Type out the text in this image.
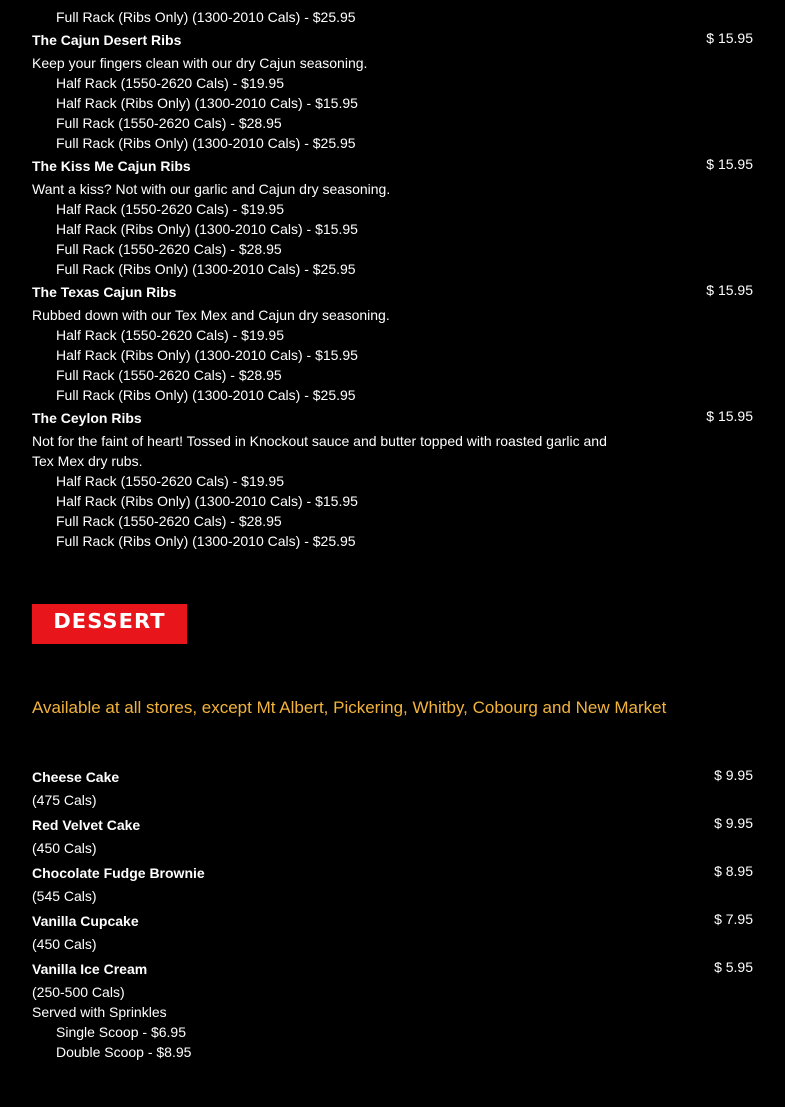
Full Rack (Ribs Only) (1300-2010 Cals) - $25.95
The Cajun Desert Ribs	$ 15.95
Keep your fingers clean with our dry Cajun seasoning.
Half Rack (1550-2620 Cals) - $19.95
Half Rack (Ribs Only) (1300-2010 Cals) - $15.95
Full Rack (1550-2620 Cals) - $28.95
Full Rack (Ribs Only) (1300-2010 Cals) - $25.95
The Kiss Me Cajun Ribs	$ 15.95
Want a kiss? Not with our garlic and Cajun dry seasoning.
Half Rack (1550-2620 Cals) - $19.95
Half Rack (Ribs Only) (1300-2010 Cals) - $15.95
Full Rack (1550-2620 Cals) - $28.95
Full Rack (Ribs Only) (1300-2010 Cals) - $25.95
The Texas Cajun Ribs	$ 15.95
Rubbed down with our Tex Mex and Cajun dry seasoning.
Half Rack (1550-2620 Cals) - $19.95
Half Rack (Ribs Only) (1300-2010 Cals) - $15.95
Full Rack (1550-2620 Cals) - $28.95
Full Rack (Ribs Only) (1300-2010 Cals) - $25.95
The Ceylon Ribs	$ 15.95
Not for the faint of heart! Tossed in Knockout sauce and butter topped with roasted garlic and Tex Mex dry rubs.
Half Rack (1550-2620 Cals) - $19.95
Half Rack (Ribs Only) (1300-2010 Cals) - $15.95
Full Rack (1550-2620 Cals) - $28.95
Full Rack (Ribs Only) (1300-2010 Cals) - $25.95
DESSERT
Available at all stores, except Mt Albert, Pickering, Whitby, Cobourg and New Market
Cheese Cake	$ 9.95
(475 Cals)
Red Velvet Cake	$ 9.95
(450 Cals)
Chocolate Fudge Brownie	$ 8.95
(545 Cals)
Vanilla Cupcake	$ 7.95
(450 Cals)
Vanilla Ice Cream	$ 5.95
(250-500 Cals)
Served with Sprinkles
Single Scoop - $6.95
Double Scoop - $8.95
